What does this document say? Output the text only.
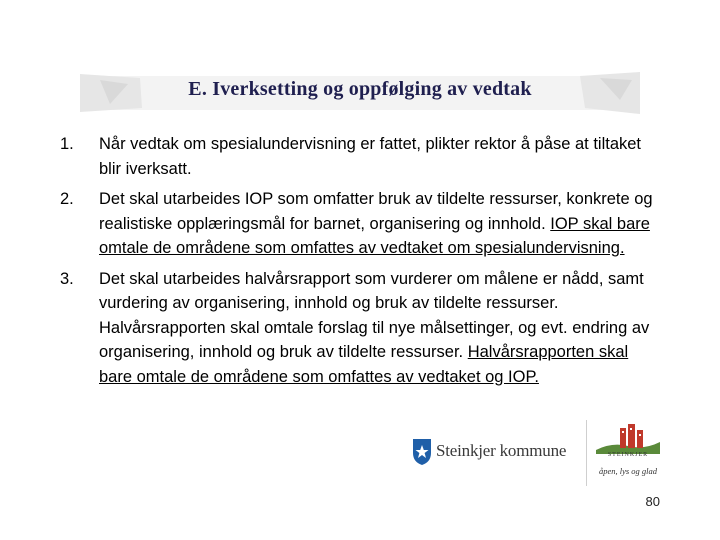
E. Iverksetting og oppfølging av vedtak
1.	Når vedtak om spesialundervisning er fattet, plikter rektor å påse at tiltaket blir iverksatt.
2.	Det skal utarbeides IOP som omfatter bruk av tildelte ressurser, konkrete og realistiske opplæringsmål for barnet, organisering og innhold. IOP skal bare omtale de områdene som omfattes av vedtaket om spesialundervisning.
3.	Det skal utarbeides halvårsrapport som vurderer om målene er nådd, samt vurdering av organisering, innhold og bruk av tildelte ressurser. Halvårsrapporten skal omtale forslag til nye målsettinger, og evt. endring av organisering, innhold og bruk av tildelte ressurser. Halvårsrapporten skal bare omtale de områdene som omfattes av vedtaket og IOP.
Steinkjer kommune	STEINKJER
åpen, lys og glad
80
